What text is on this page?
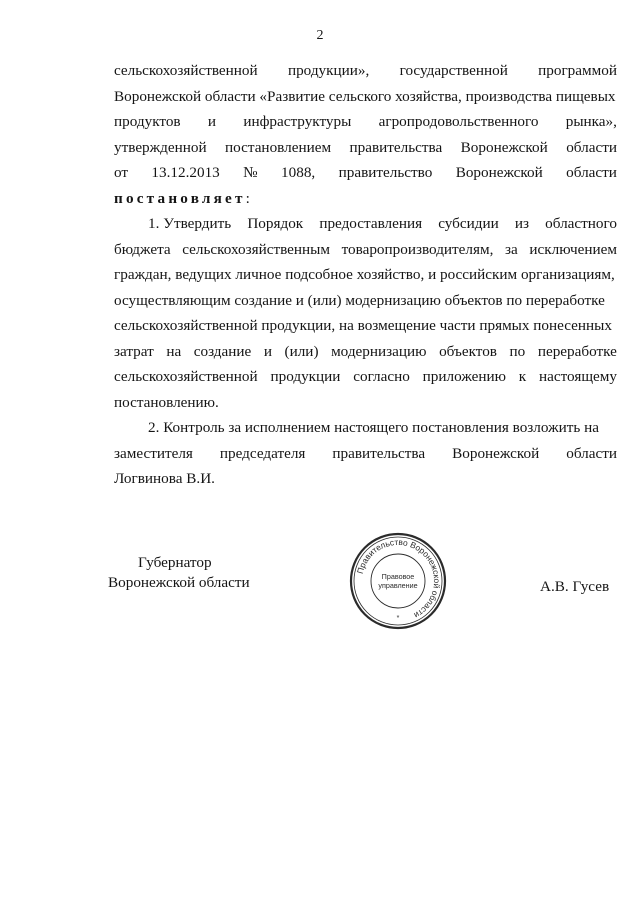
2
сельскохозяйственной продукции», государственной программой
Воронежской области «Развитие сельского хозяйства, производства пищевых
продуктов и инфраструктуры агропродовольственного рынка»,
утвержденной постановлением правительства Воронежской области
от 13.12.2013 № 1088, правительство Воронежской области
постановляет :
1. Утвердить Порядок предоставления субсидии из областного
бюджета сельскохозяйственным товаропроизводителям, за исключением
граждан, ведущих личное подсобное хозяйство, и российским организациям,
осуществляющим создание и (или) модернизацию объектов по переработке
сельскохозяйственной продукции, на возмещение части прямых понесенных
затрат на создание и (или) модернизацию объектов по переработке
сельскохозяйственной продукции согласно приложению к настоящему
постановлению.
2. Контроль за исполнением настоящего постановления возложить на
заместителя председателя правительства Воронежской области
Логвинова В.И.
Губернатор
Воронежской области
Правительство Воронежской области
Правовое
управление
*
А.В. Гусев
